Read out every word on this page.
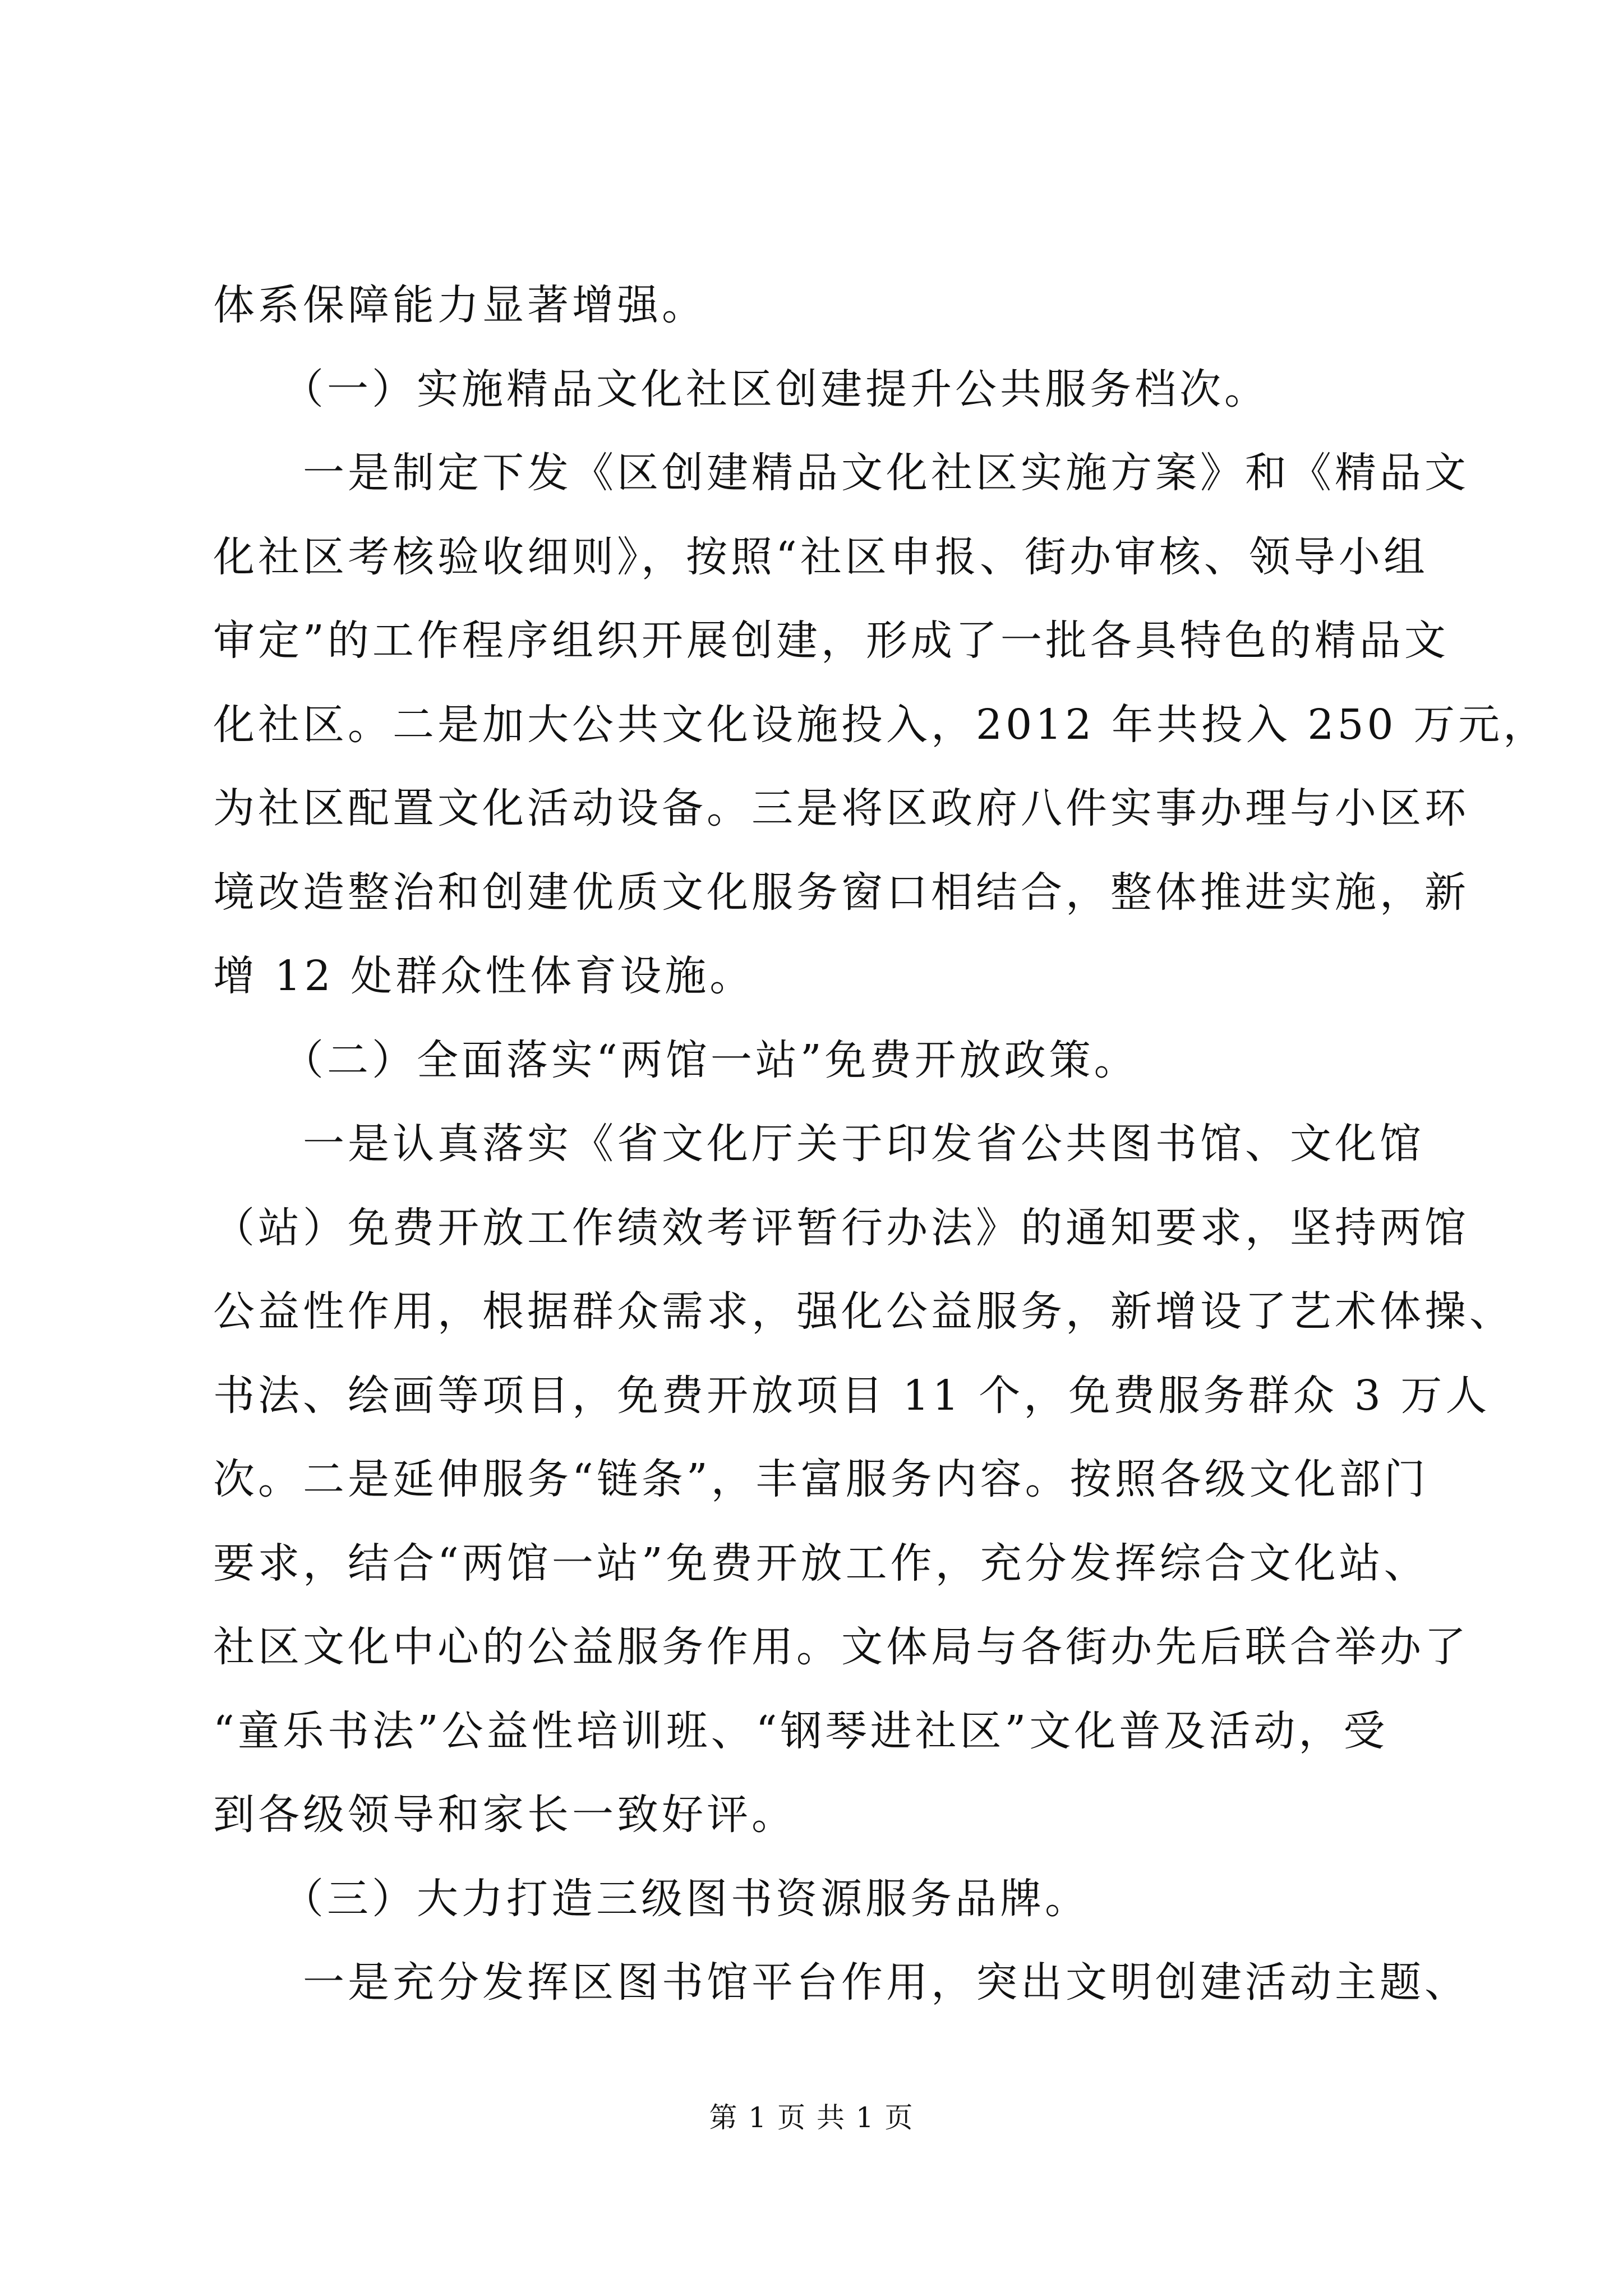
体系保障能力显著增强。
　　（一）实施精品文化社区创建提升公共服务档次。
　　一是制定下发《区创建精品文化社区实施方案》和《精品文
化社区考核验收细则》，按照“社区申报、街办审核、领导小组
审定”的工作程序组织开展创建，形成了一批各具特色的精品文
化社区。二是加大公共文化设施投入，2012 年共投入 250 万元，
为社区配置文化活动设备。三是将区政府八件实事办理与小区环
境改造整治和创建优质文化服务窗口相结合，整体推进实施，新
增 12 处群众性体育设施。
　　（二）全面落实“两馆一站”免费开放政策。
　　一是认真落实《省文化厅关于印发省公共图书馆、文化馆
（站）免费开放工作绩效考评暂行办法》的通知要求，坚持两馆
公益性作用，根据群众需求，强化公益服务，新增设了艺术体操、
书法、绘画等项目，免费开放项目 11 个，免费服务群众 3 万人
次。二是延伸服务“链条”，丰富服务内容。按照各级文化部门
要求，结合“两馆一站”免费开放工作，充分发挥综合文化站、
社区文化中心的公益服务作用。文体局与各街办先后联合举办了
“童乐书法”公益性培训班、“钢琴进社区”文化普及活动，受
到各级领导和家长一致好评。
　　（三）大力打造三级图书资源服务品牌。
　　一是充分发挥区图书馆平台作用，突出文明创建活动主题、
第 1 页 共 1 页
